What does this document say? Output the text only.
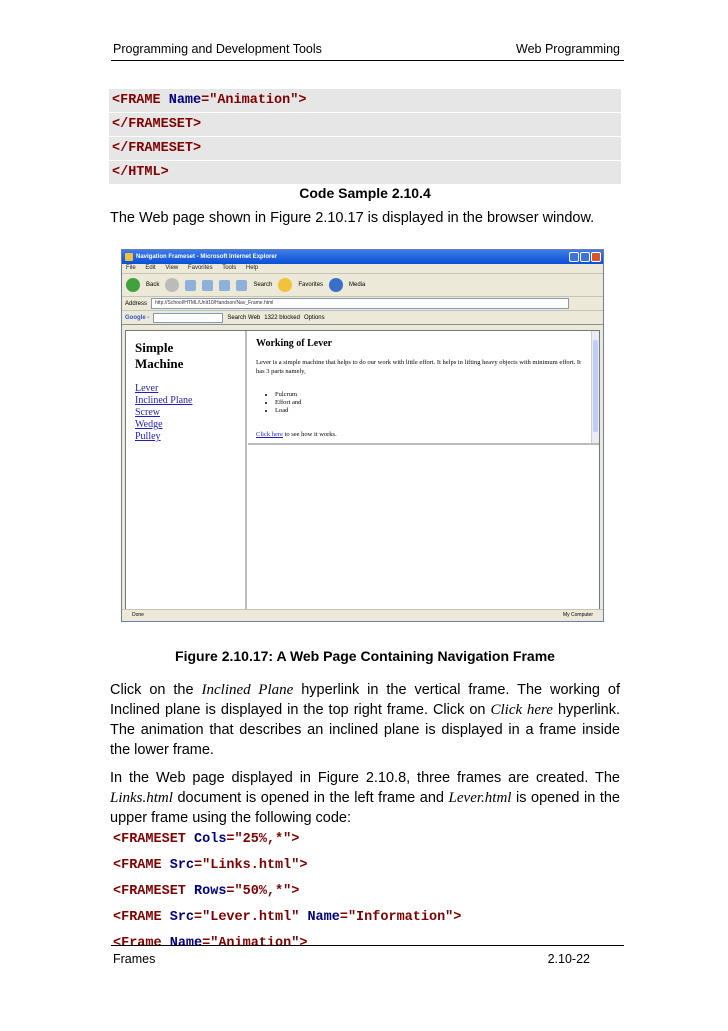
Programming and Development Tools	Web Programming
<FRAME Name="Animation">
</FRAMESET>
</FRAMESET>
</HTML>
Code Sample 2.10.4
The Web page shown in Figure 2.10.17 is displayed in the browser window.
Navigation Frameset - Microsoft Internet Explorer
File Edit View Favorites Tools Help
Back	Search	Favorites	Media
Address	http://School/HTML/Unit10/Handson/Nav_Frame.html
Google -	Search Web 1322 blocked Options
Simple
Machine
Lever
Inclined Plane
Screw
Wedge
Pulley
Working of Lever
Lever is a simple machine that helps to do our work with little effort. It helps in lifting heavy objects with minimum effort. It has 3 parts namely,
• Fulcrum
• Effort and
• Load
Click here to see how it works.
Done	My Computer
Figure 2.10.17: A Web Page Containing Navigation Frame
Click on the Inclined Plane hyperlink in the vertical frame. The working of Inclined plane is displayed in the top right frame. Click on Click here hyperlink. The animation that describes an inclined plane is displayed in a frame inside the lower frame.
In the Web page displayed in Figure 2.10.8, three frames are created. The Links.html document is opened in the left frame and Lever.html is opened in the upper frame using the following code:
<FRAMESET Cols="25%,*">
<FRAME Src="Links.html">
<FRAMESET Rows="50%,*">
<FRAME Src="Lever.html" Name="Information">
<Frame Name="Animation">
Frames	2.10-22
